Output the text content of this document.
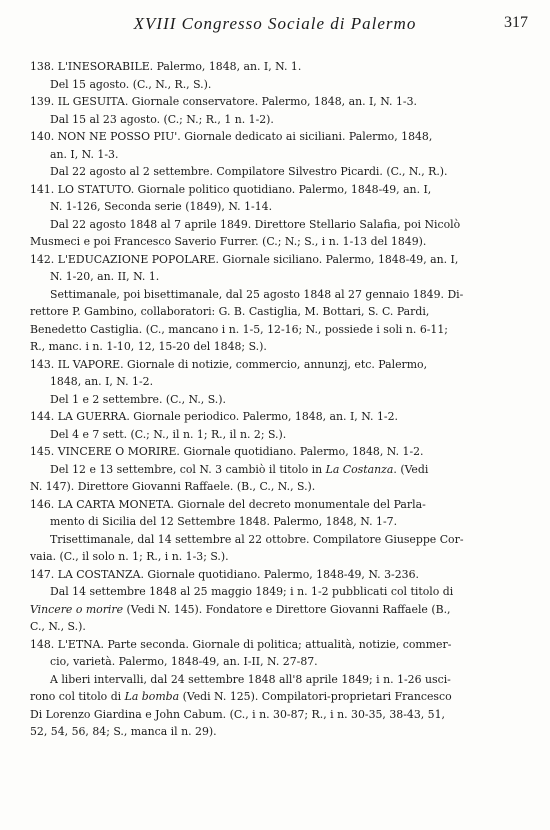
XVIII Congresso Sociale di Palermo	317
138. L'INESORABILE. Palermo, 1848, an. I, N. 1.
Del 15 agosto. (C., N., R., S.).
139. IL GESUITA. Giornale conservatore. Palermo, 1848, an. I, N. 1-3.
Dal 15 al 23 agosto. (C.; N.; R., 1 n. 1-2).
140. NON NE POSSO PIU'. Giornale dedicato ai siciliani. Palermo, 1848,
an. I, N. 1-3.
Dal 22 agosto al 2 settembre. Compilatore Silvestro Picardi. (C., N., R.).
141. LO STATUTO. Giornale politico quotidiano. Palermo, 1848-49, an. I,
N. 1-126, Seconda serie (1849), N. 1-14.
Dal 22 agosto 1848 al 7 aprile 1849. Direttore Stellario Salafia, poi Nicolò
Musmeci e poi Francesco Saverio Furrer. (C.; N.; S., i n. 1-13 del 1849).
142. L'EDUCAZIONE POPOLARE. Giornale siciliano. Palermo, 1848-49, an. I,
N. 1-20, an. II, N. 1.
Settimanale, poi bisettimanale, dal 25 agosto 1848 al 27 gennaio 1849. Di-
rettore P. Gambino, collaboratori: G. B. Castiglia, M. Bottari, S. C. Pardi,
Benedetto Castiglia. (C., mancano i n. 1-5, 12-16; N., possiede i soli n. 6-11;
R., manc. i n. 1-10, 12, 15-20 del 1848; S.).
143. IL VAPORE. Giornale di notizie, commercio, annunzj, etc. Palermo,
1848, an. I, N. 1-2.
Del 1 e 2 settembre. (C., N., S.).
144. LA GUERRA. Giornale periodico. Palermo, 1848, an. I, N. 1-2.
Del 4 e 7 sett. (C.; N., il n. 1; R., il n. 2; S.).
145. VINCERE O MORIRE. Giornale quotidiano. Palermo, 1848, N. 1-2.
Del 12 e 13 settembre, col N. 3 cambiò il titolo in La Costanza. (Vedi
N. 147). Direttore Giovanni Raffaele. (B., C., N., S.).
146. LA CARTA MONETA. Giornale del decreto monumentale del Parla-
mento di Sicilia del 12 Settembre 1848. Palermo, 1848, N. 1-7.
Trisettimanale, dal 14 settembre al 22 ottobre. Compilatore Giuseppe Cor-
vaia. (C., il solo n. 1; R., i n. 1-3; S.).
147. LA COSTANZA. Giornale quotidiano. Palermo, 1848-49, N. 3-236.
Dal 14 settembre 1848 al 25 maggio 1849; i n. 1-2 pubblicati col titolo di
Vincere o morire (Vedi N. 145). Fondatore e Direttore Giovanni Raffaele (B.,
C., N., S.).
148. L'ETNA. Parte seconda. Giornale di politica; attualità, notizie, commer-
cio, varietà. Palermo, 1848-49, an. I-II, N. 27-87.
A liberi intervalli, dal 24 settembre 1848 all'8 aprile 1849; i n. 1-26 usci-
rono col titolo di La bomba (Vedi N. 125). Compilatori-proprietari Francesco
Di Lorenzo Giardina e John Cabum. (C., i n. 30-87; R., i n. 30-35, 38-43, 51,
52, 54, 56, 84; S., manca il n. 29).
